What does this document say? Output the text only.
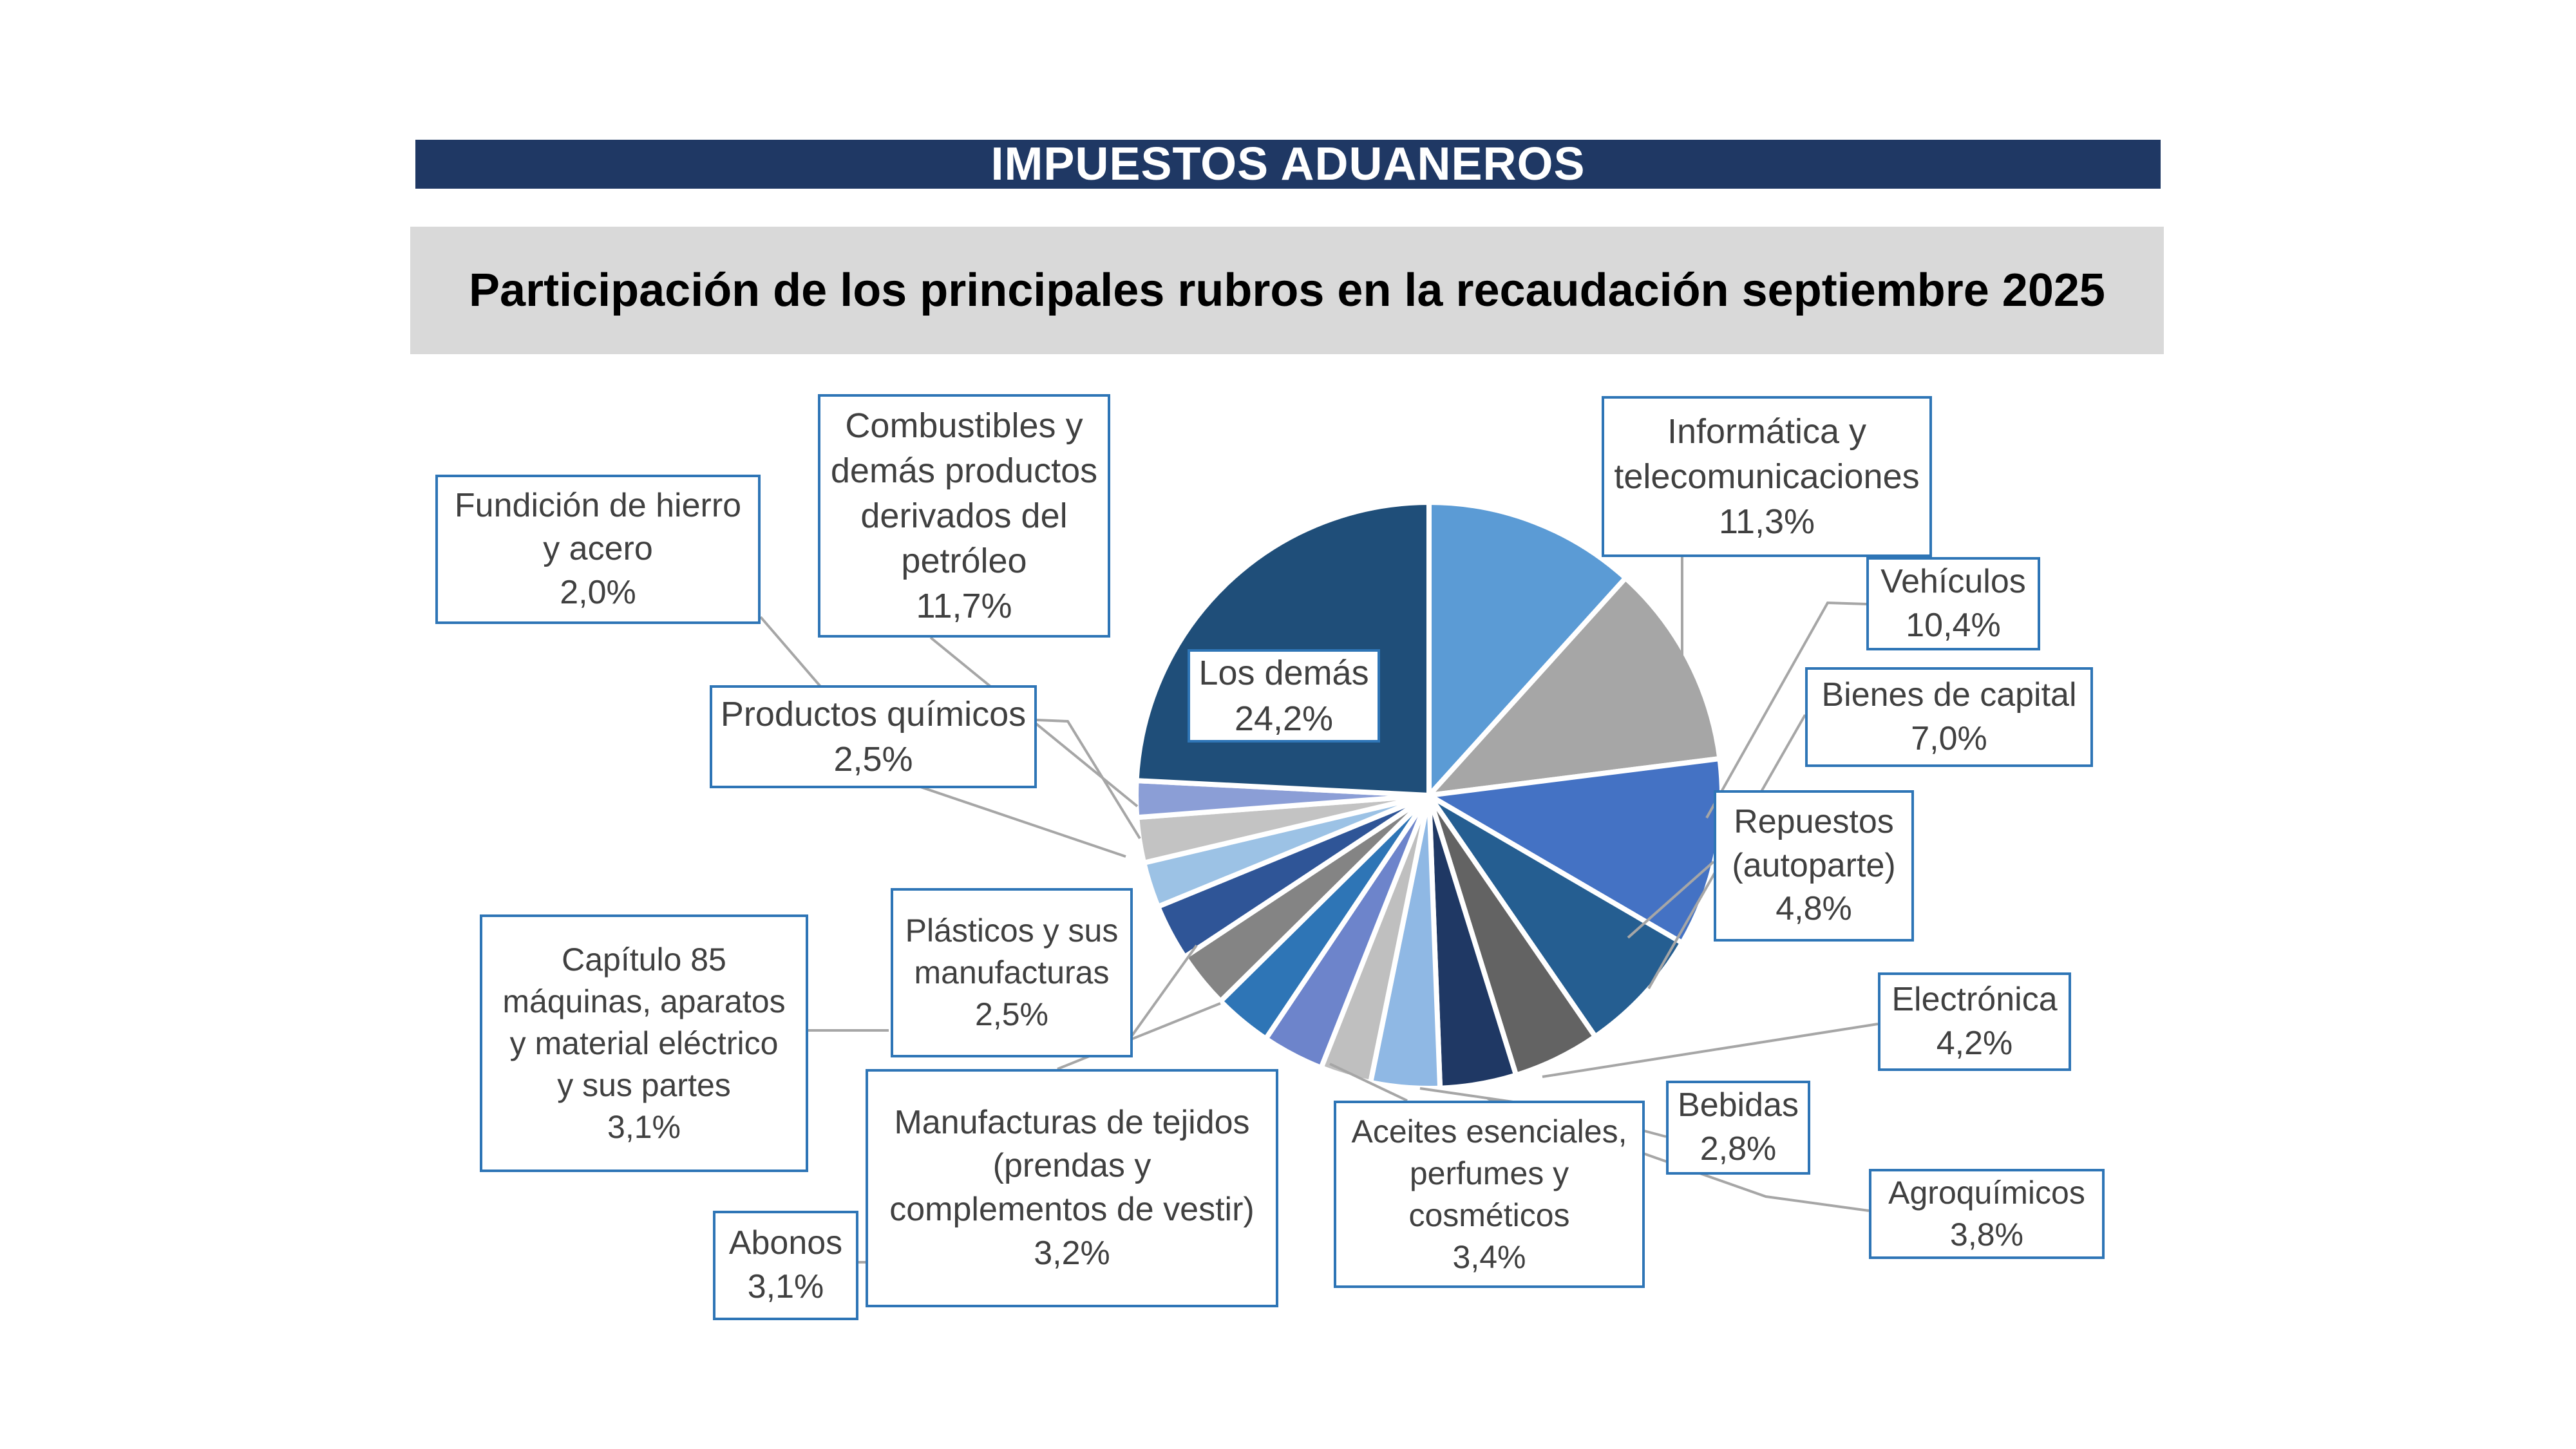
IMPUESTOS ADUANEROS
Participación de los principales rubros en la recaudación septiembre 2025
Combustibles y
demás productos
derivados del
petróleo
11,7%
Informática y
telecomunicaciones
11,3%
Vehículos
10,4%
Bienes de capital
7,0%
Repuestos
(autoparte)
4,8%
Electrónica
4,2%
Agroquímicos
3,8%
Bebidas
2,8%
Aceites esenciales,
perfumes y
cosméticos
3,4%
Manufacturas de tejidos
(prendas y
complementos de vestir)
3,2%
Abonos
3,1%
Capítulo 85
máquinas, aparatos
y material eléctrico
y sus partes
3,1%
Plásticos y sus
manufacturas
2,5%
Productos químicos
2,5%
Fundición de hierro
y acero
2,0%
Los demás
24,2%
